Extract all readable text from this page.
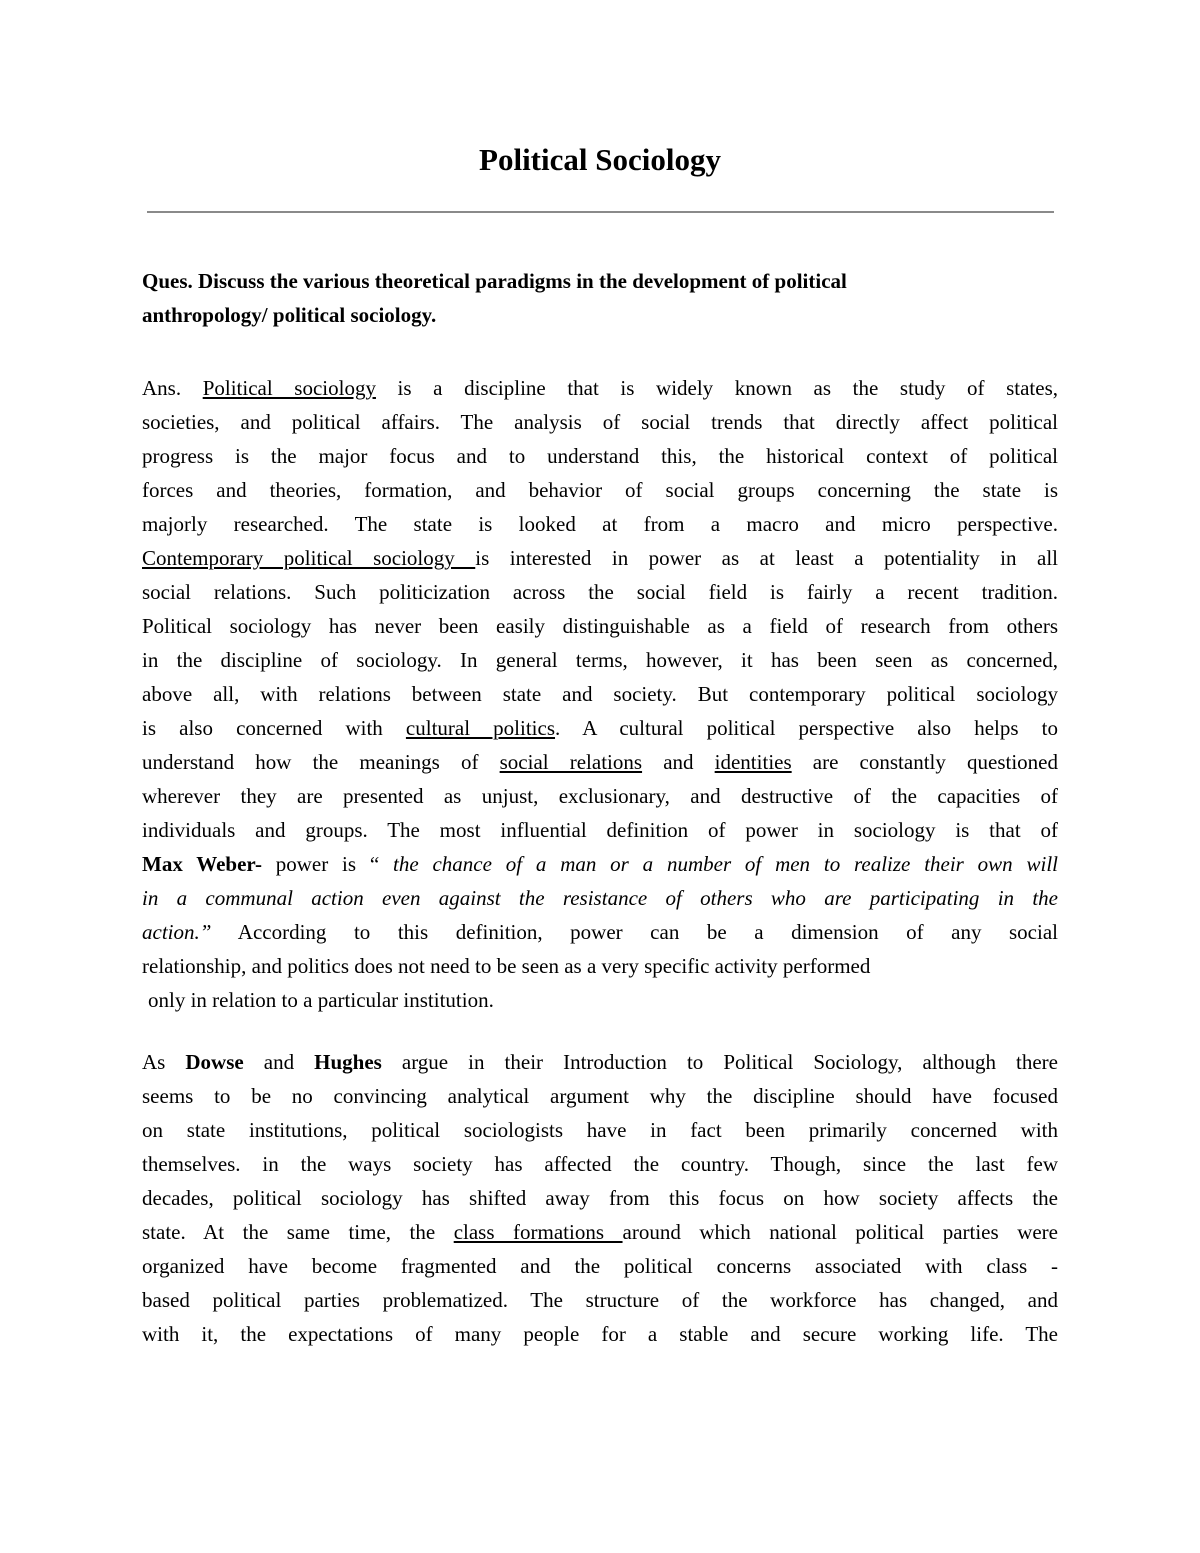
Political Sociology
Ques. Discuss the various theoretical paradigms in the development of political
anthropology/ political sociology.
Ans. Political sociology is a discipline that is widely known as the study of states,
societies, and political affairs. The analysis of social trends that directly affect political
progress is the major focus and to understand this, the historical context of political
forces and theories, formation, and behavior of social groups concerning the state is
majorly researched. The state is looked at from a macro and micro perspective.
Contemporary political sociology is interested in power as at least a potentiality in all
social relations. Such politicization across the social field is fairly a recent tradition.
Political sociology has never been easily distinguishable as a field of research from others
in the discipline of sociology. In general terms, however, it has been seen as concerned,
above all, with relations between state and society. But contemporary political sociology
is also concerned with cultural politics. A cultural political perspective also helps to
understand how the meanings of social relations and identities are constantly questioned
wherever they are presented as unjust, exclusionary, and destructive of the capacities of
individuals and groups. The most influential definition of power in sociology is that of
Max Weber- power is “ the chance of a man or a number of men to realize their own will
in a communal action even against the resistance of others who are participating in the
action.” According to this definition, power can be a dimension of any social
relationship, and politics does not need to be seen as a very specific activity performed
only in relation to a particular institution.
As Dowse and Hughes argue in their Introduction to Political Sociology, although there
seems to be no convincing analytical argument why the discipline should have focused
on state institutions, political sociologists have in fact been primarily concerned with
themselves. in the ways society has affected the country. Though, since the last few
decades, political sociology has shifted away from this focus on how society affects the
state. At the same time, the class formations around which national political parties were
organized have become fragmented and the political concerns associated with class -
based political parties problematized. The structure of the workforce has changed, and
with it, the expectations of many people for a stable and secure working life. The
